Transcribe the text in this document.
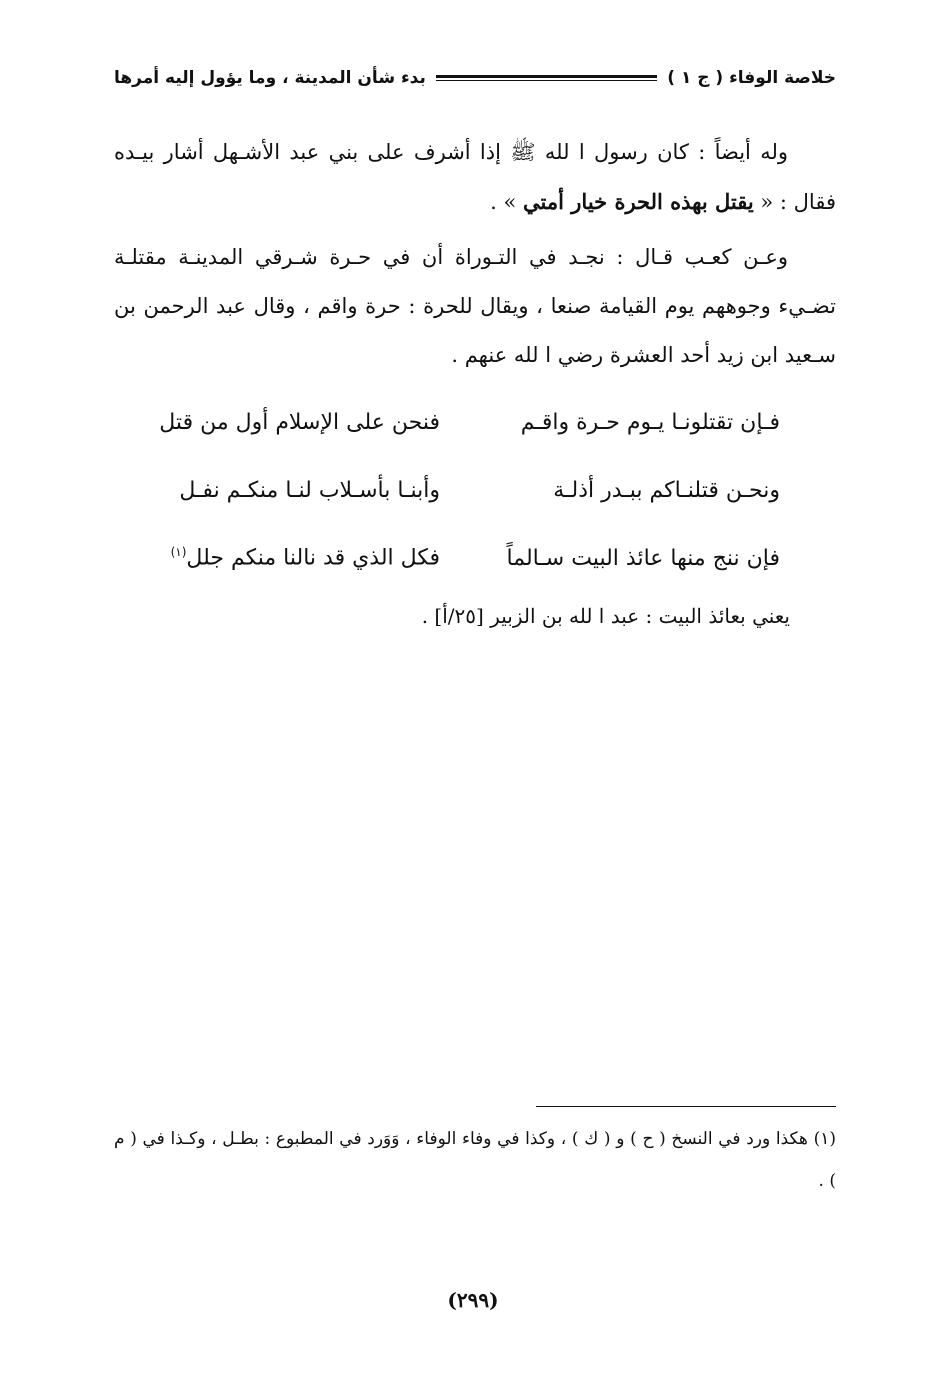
خلاصة الوفاء ( ج ١ )
بدء شأن المدينة ، وما يؤول إليه أمرها

وله أيضاً : كان رسول ا لله ﷺ إذا أشرف على بني عبد الأشـهل أشار بيـده فقال : « يقتل بهذه الحرة خيار أمتي » .

وعـن كعـب قـال : نجـد في التـوراة أن في حـرة شـرقي المدينـة مقتلـة تضـيء وجوههم يوم القيامة صنعا ، ويقال للحرة : حرة واقم ، وقال عبد الرحمن بن سـعيد ابن زيد أحد العشرة رضي ا لله عنهم .

فـإن تقتلونـا يـوم حـرة واقـم
فنحن على الإسلام أول من قتل
ونحـن قتلنـاكم ببـدر أذلـة
وأبنـا بأسـلاب لنـا منكـم نفـل
فإن ننج منها عائذ البيت سـالماً
فكل الذي قد نالنا منكم جلل$^{(١)}$
يعني بعائذ البيت : عبد ا لله بن الزبير [٢٥/أ] .

(١) هكذا ورد في النسخ ( ح ) و ( ك ) ، وكذا في وفاء الوفاء ، وَوَرد في المطبوع : بطـل ، وكـذا في ( م ) .

(٢٩٩)
